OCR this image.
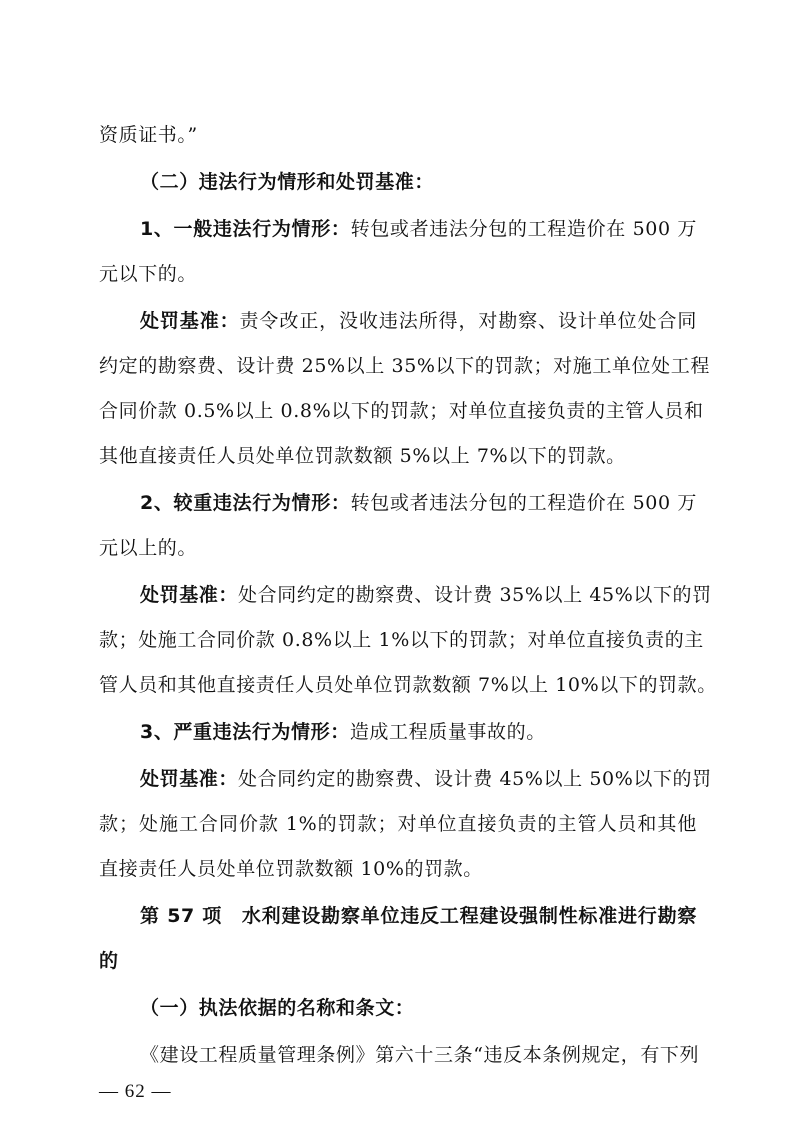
资质证书。”
（二）违法行为情形和处罚基准：
1、一般违法行为情形：转包或者违法分包的工程造价在 500 万
元以下的。
处罚基准：责令改正，没收违法所得，对勘察、设计单位处合同
约定的勘察费、设计费 25%以上 35%以下的罚款；对施工单位处工程
合同价款 0.5%以上 0.8%以下的罚款；对单位直接负责的主管人员和
其他直接责任人员处单位罚款数额 5%以上 7%以下的罚款。
2、较重违法行为情形：转包或者违法分包的工程造价在 500 万
元以上的。
处罚基准：处合同约定的勘察费、设计费 35%以上 45%以下的罚
款；处施工合同价款 0.8%以上 1%以下的罚款；对单位直接负责的主
管人员和其他直接责任人员处单位罚款数额 7%以上 10%以下的罚款。
3、严重违法行为情形：造成工程质量事故的。
处罚基准：处合同约定的勘察费、设计费 45%以上 50%以下的罚
款；处施工合同价款 1%的罚款；对单位直接负责的主管人员和其他
直接责任人员处单位罚款数额 10%的罚款。
第 57 项　水利建设勘察单位违反工程建设强制性标准进行勘察
的
（一）执法依据的名称和条文：
《建设工程质量管理条例》第六十三条“违反本条例规定，有下列
— 62 —
